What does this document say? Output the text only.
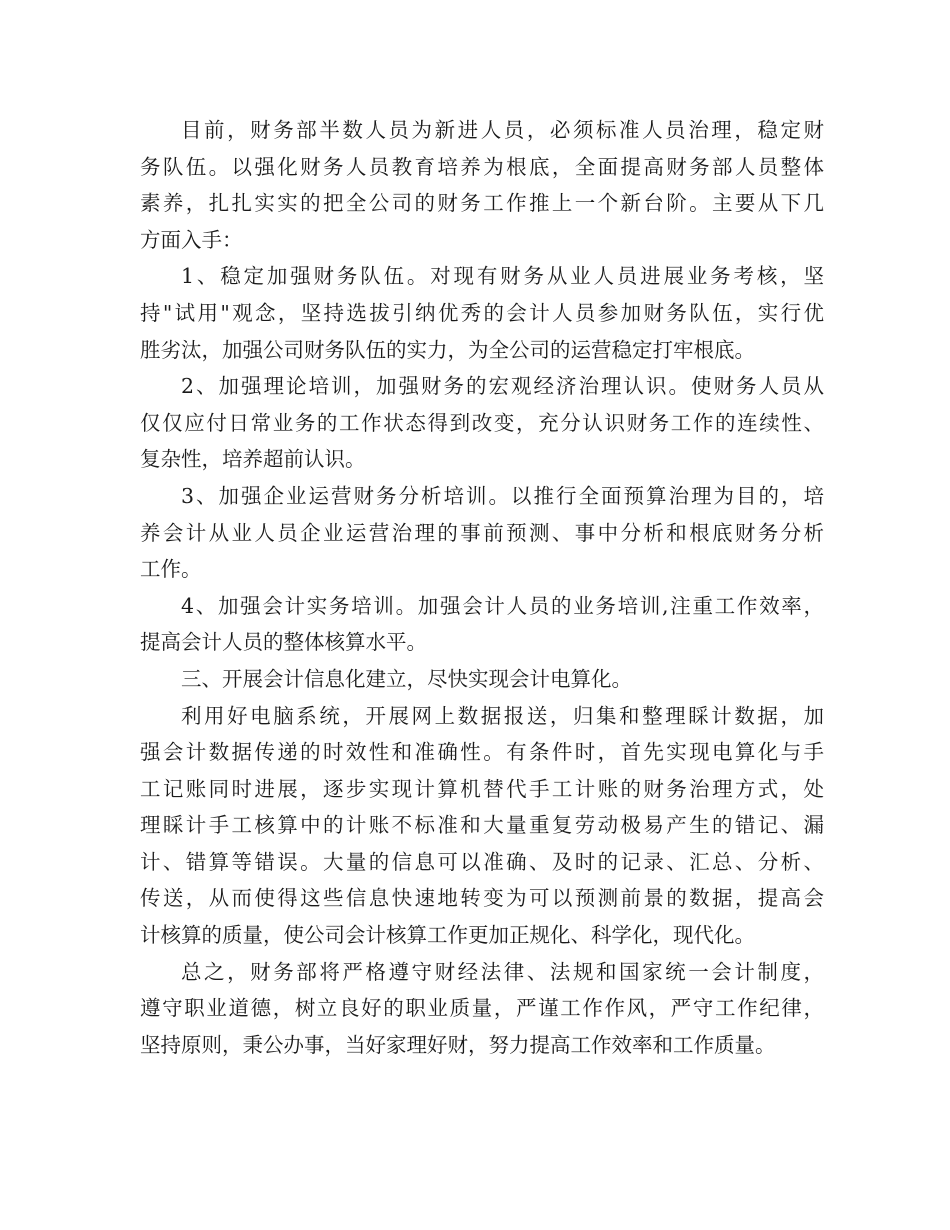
目前，财务部半数人员为新进人员，必须标准人员治理，稳定财
务队伍。以强化财务人员教育培养为根底，全面提高财务部人员整体
素养，扎扎实实的把全公司的财务工作推上一个新台阶。主要从下几
方面入手：
1、稳定加强财务队伍。对现有财务从业人员进展业务考核，坚
持"试用"观念，坚持选拔引纳优秀的会计人员参加财务队伍，实行优
胜劣汰，加强公司财务队伍的实力，为全公司的运营稳定打牢根底。
2、加强理论培训，加强财务的宏观经济治理认识。使财务人员从
仅仅应付日常业务的工作状态得到改变，充分认识财务工作的连续性、
复杂性，培养超前认识。
3、加强企业运营财务分析培训。以推行全面预算治理为目的，培
养会计从业人员企业运营治理的事前预测、事中分析和根底财务分析
工作。
4、加强会计实务培训。加强会计人员的业务培训,注重工作效率，
提高会计人员的整体核算水平。
三、开展会计信息化建立，尽快实现会计电算化。
利用好电脑系统，开展网上数据报送，归集和整理睬计数据，加
强会计数据传递的时效性和准确性。有条件时，首先实现电算化与手
工记账同时进展，逐步实现计算机替代手工计账的财务治理方式，处
理睬计手工核算中的计账不标准和大量重复劳动极易产生的错记、漏
计、错算等错误。大量的信息可以准确、及时的记录、汇总、分析、
传送，从而使得这些信息快速地转变为可以预测前景的数据，提高会
计核算的质量，使公司会计核算工作更加正规化、科学化，现代化。
总之，财务部将严格遵守财经法律、法规和国家统一会计制度，
遵守职业道德，树立良好的职业质量，严谨工作作风，严守工作纪律，
坚持原则，秉公办事，当好家理好财，努力提高工作效率和工作质量。
